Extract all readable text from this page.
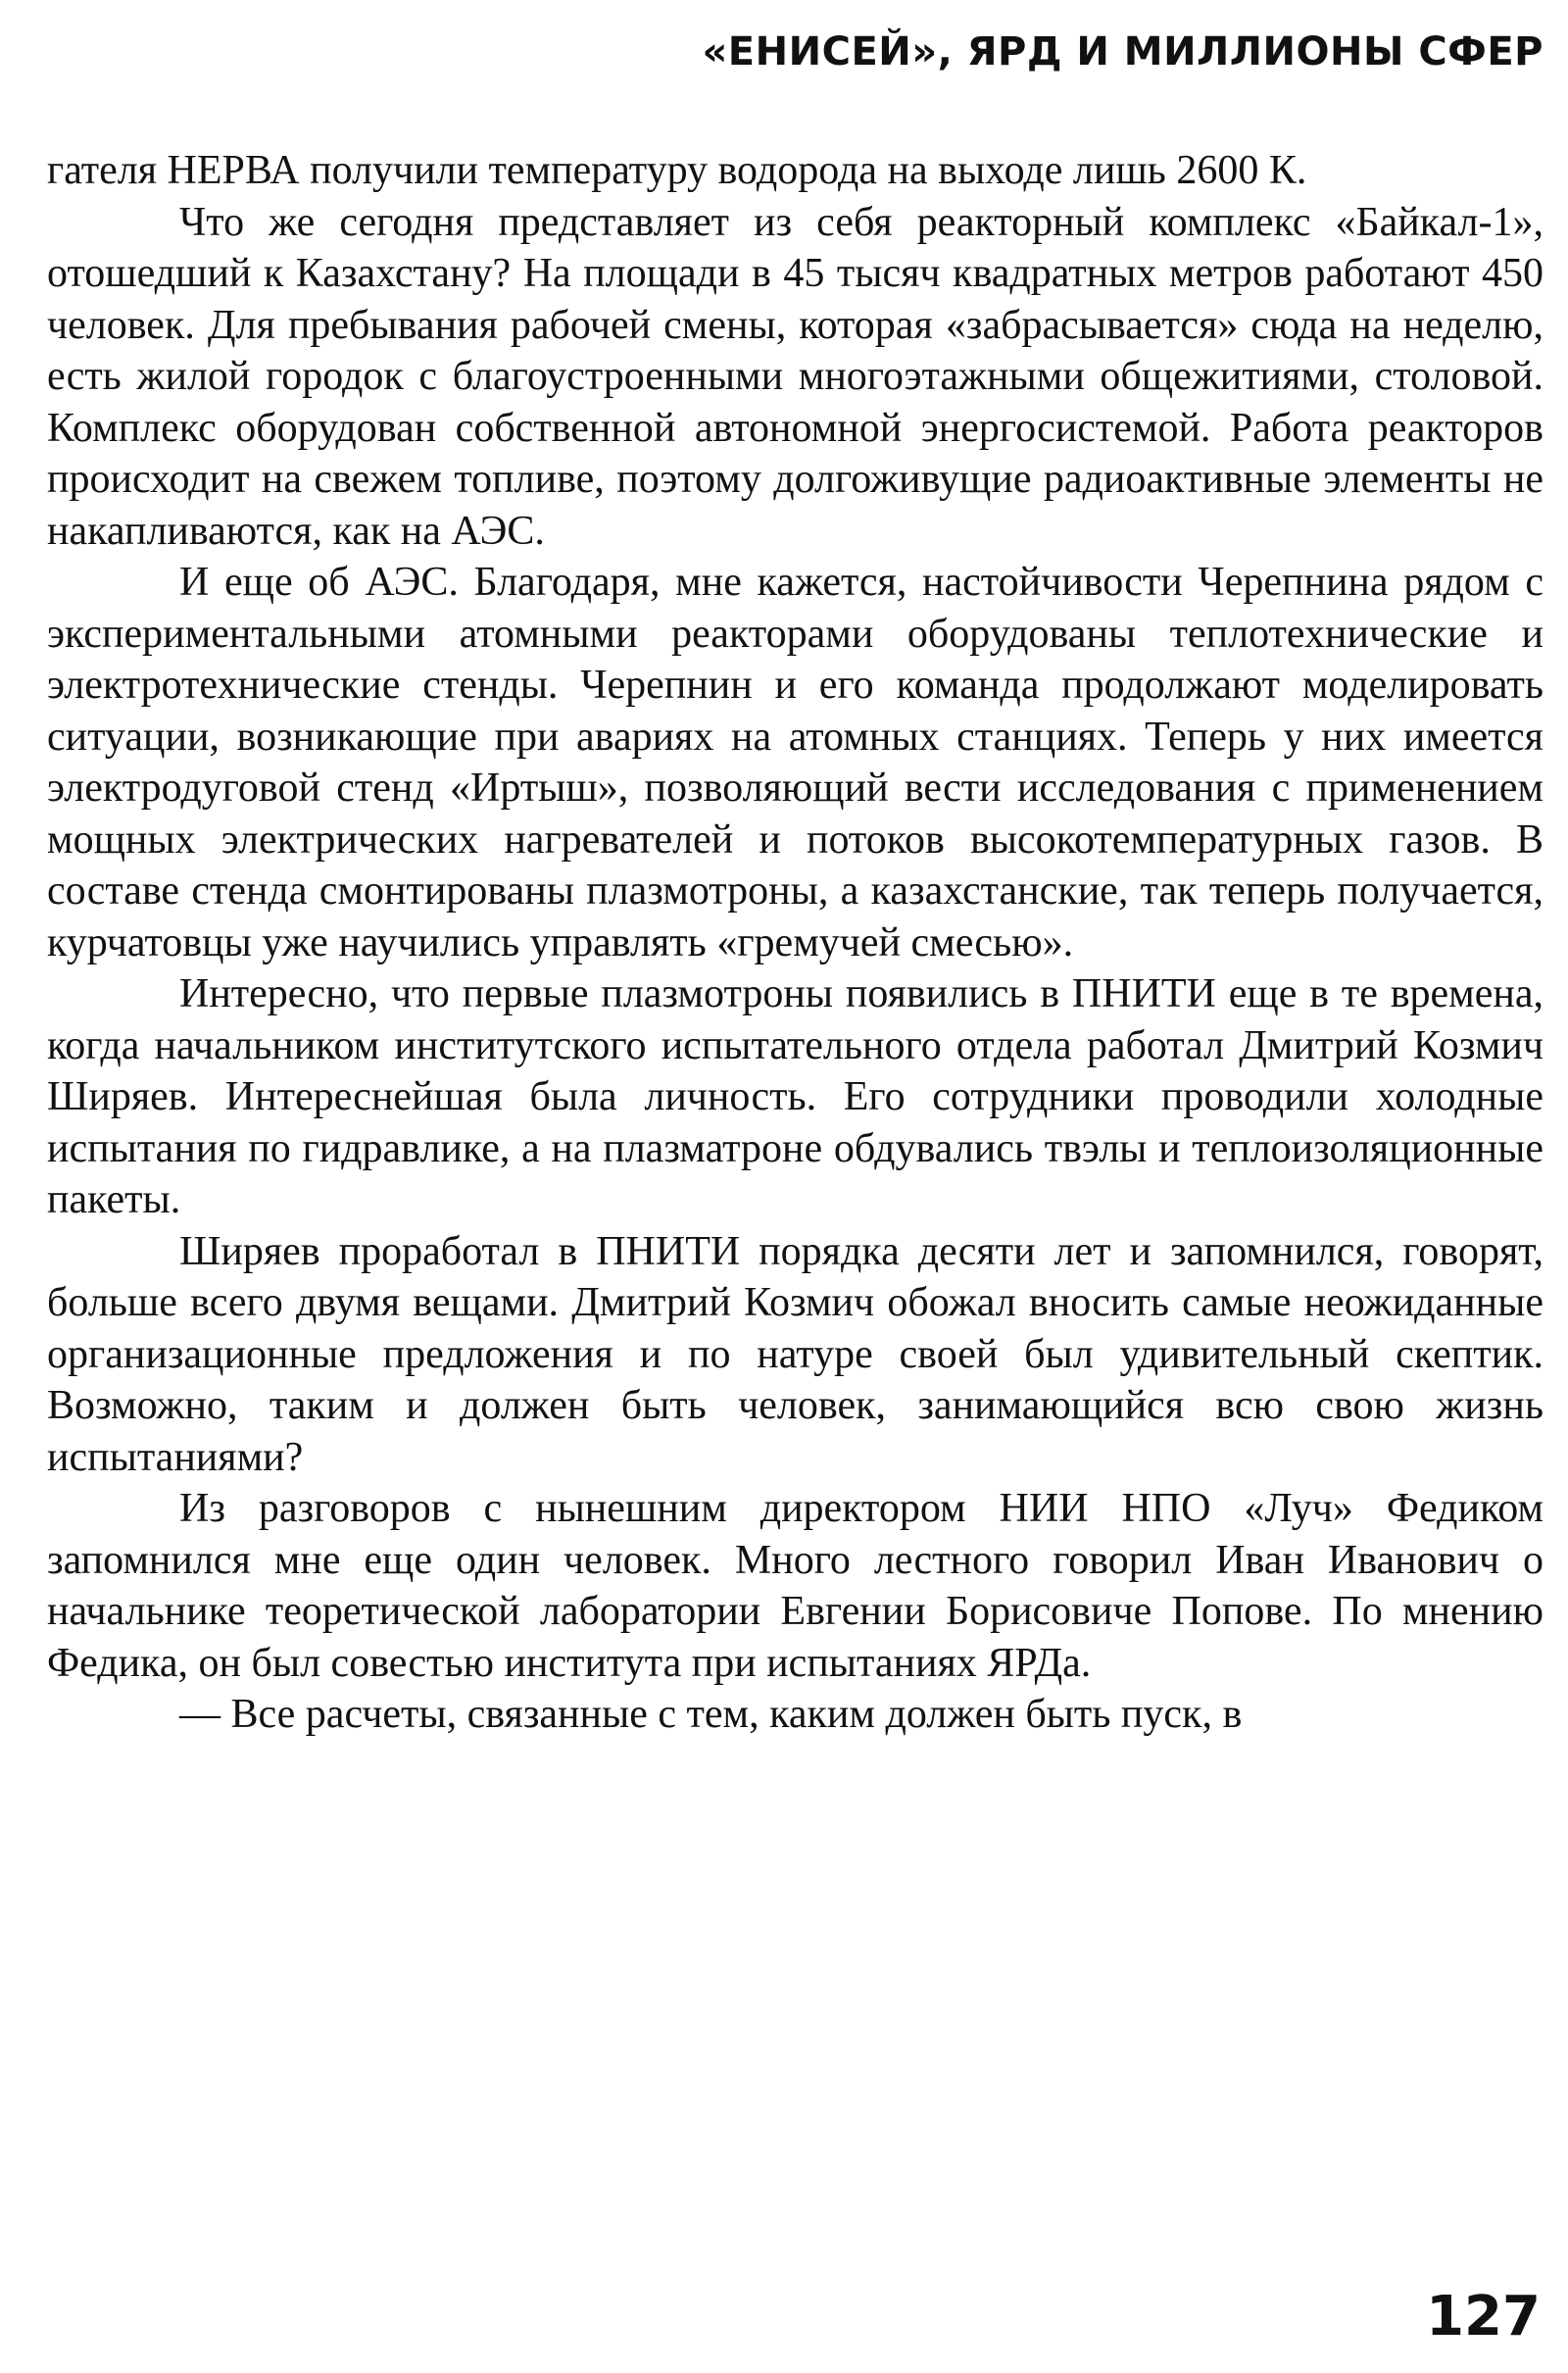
«ЕНИСЕЙ», ЯРД И МИЛЛИОНЫ СФЕР

гателя НЕРВА получили температуру водорода на выходе лишь 2600 К.

Что же сегодня представляет из себя реакторный комплекс «Байкал-1», отошедший к Казахстану? На площади в 45 тысяч квадратных метров работают 450 человек. Для пребывания рабочей смены, которая «забрасывается» сюда на неделю, есть жилой городок с благоустроенными многоэтажными общежитиями, столовой. Комплекс оборудован собственной автономной энергосистемой. Работа реакторов происходит на свежем топливе, поэтому долгоживущие радиоактивные элементы не накапливаются, как на АЭС.

И еще об АЭС. Благодаря, мне кажется, настойчивости Черепнина рядом с экспериментальными атомными реакторами оборудованы теплотехнические и электротехнические стенды. Черепнин и его команда продолжают моделировать ситуации, возникающие при авариях на атомных станциях. Теперь у них имеется электродуговой стенд «Иртыш», позволяющий вести исследования с применением мощных электрических нагревателей и потоков высокотемпературных газов. В составе стенда смонтированы плазмотроны, а казахстанские, так теперь получается, курчатовцы уже научились управлять «гремучей смесью».

Интересно, что первые плазмотроны появились в ПНИТИ еще в те времена, когда начальником институтского испытательного отдела работал Дмитрий Козмич Ширяев. Интереснейшая была личность. Его сотрудники проводили холодные испытания по гидравлике, а на плазматроне обдувались твэлы и теплоизоляционные пакеты.

Ширяев проработал в ПНИТИ порядка десяти лет и запомнился, говорят, больше всего двумя вещами. Дмитрий Козмич обожал вносить самые неожиданные организационные предложения и по натуре своей был удивительный скептик. Возможно, таким и должен быть человек, занимающийся всю свою жизнь испытаниями?

Из разговоров с нынешним директором НИИ НПО «Луч» Федиком запомнился мне еще один человек. Много лестного говорил Иван Иванович о начальнике теоретической лаборатории Евгении Борисовиче Попове. По мнению Федика, он был совестью института при испытаниях ЯРДа.

— Все расчеты, связанные с тем, каким должен быть пуск, в

127
